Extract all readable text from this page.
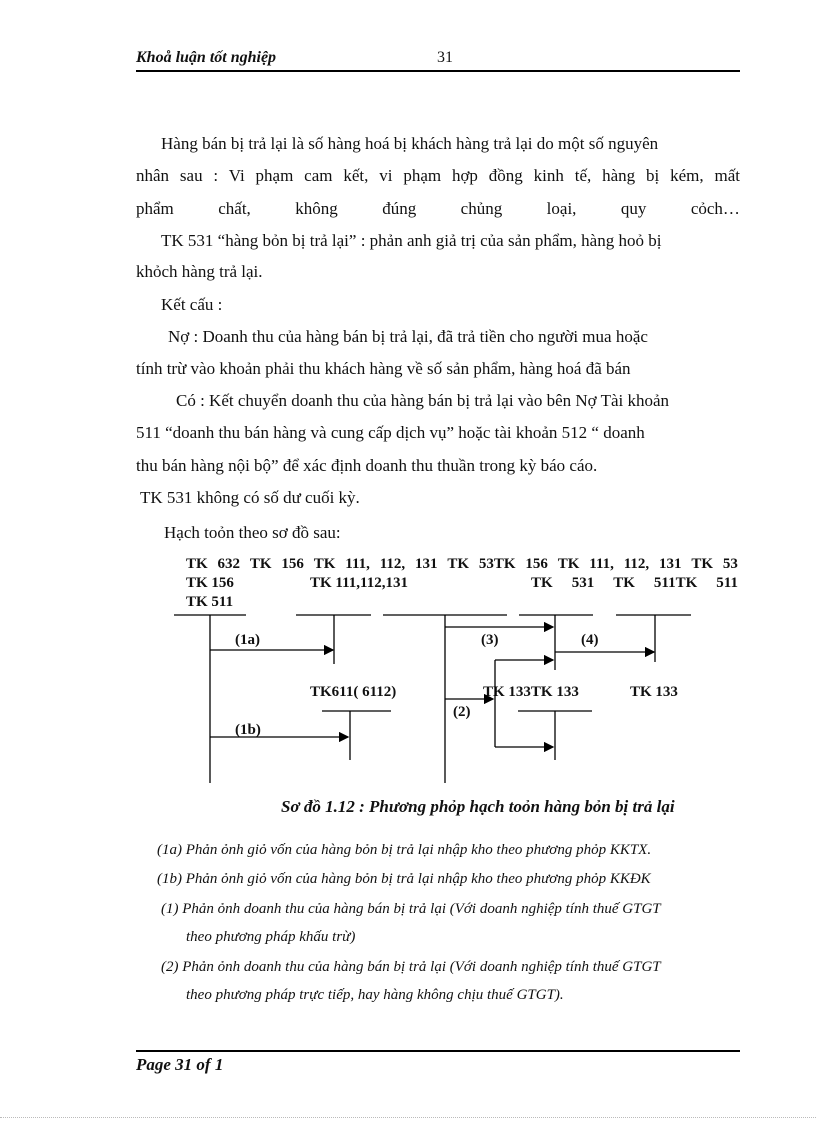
Khoå luận tốt nghiệp	31
Hàng bán bị trả lại là số hàng hoá bị khách hàng trả lại do một số nguyên
nhân sau : Vi phạm cam kết, vi phạm hợp đồng kinh tế, hàng bị kém, mất
phẩm	chất,	không	đúng	chủng	loại,	quy	cỏch…
TK 531 “hàng bỏn bị trả lại” : phản anh giả trị của sản phẩm, hàng hoỏ bị
khỏch hàng trả lại.
Kết cấu :
Nợ : Doanh thu của hàng bán bị trả lại, đã trả tiền cho người mua hoặc
tính trừ vào khoản phải thu khách hàng về số sản phẩm, hàng hoá đã bán
Có : Kết chuyển doanh thu của hàng bán bị trả lại vào bên Nợ Tài khoản
511 “doanh thu bán hàng và cung cấp dịch vụ” hoặc tài khoản 512 “ doanh
thu bán hàng nội bộ” để xác định doanh thu thuần trong kỳ báo cáo.
TK 531 không có số dư cuối kỳ.
Hạch toỏn theo sơ đồ sau:
TK 632 TK 156 TK 111, 112, 131 TK 53TK 156 TK 111, 112, 131 TK 53
TK 156	TK 111,112,131	TK 531 TK 511TK 511
TK 511
(1a)	(3)	(4)
TK611( 6112)	TK 133TK 133	TK 133
(2)
(1b)
Sơ đồ 1.12 : Phương phỏp hạch toỏn hàng bỏn bị trả lại
(1a) Phản ỏnh giỏ vốn của hàng bỏn bị trả lại nhập kho theo phương phỏp KKTX.
(1b) Phản ỏnh giỏ vốn của hàng bỏn bị trả lại nhập kho theo phương phỏp KKĐK
(1) Phản ỏnh doanh thu của hàng bán bị trả lại (Với doanh nghiệp tính thuế GTGT
theo phương pháp khấu trừ)
(2) Phản ỏnh doanh thu của hàng bán bị trả lại (Với doanh nghiệp tính thuế GTGT
theo phương pháp trực tiếp, hay hàng không chịu thuế GTGT).
Page 31 of 1
